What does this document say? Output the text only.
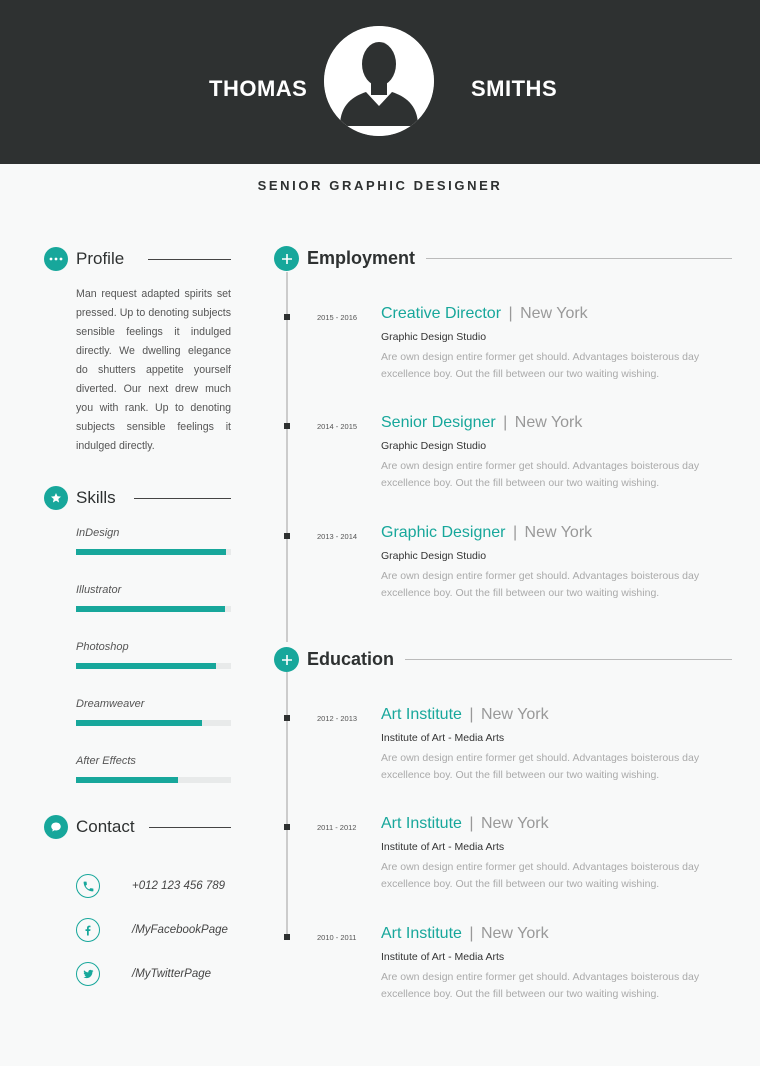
THOMAS	SMITHS
SENIOR GRAPHIC DESIGNER
Profile
Man request adapted spirits set pressed. Up to denoting subjects sensible feelings it indulged directly. We dwelling elegance do shutters appetite yourself diverted. Our next drew much you with rank. Up to denoting subjects sensible feelings it indulged directly.
Skills
InDesign
Illustrator
Photoshop
Dreamweaver
After Effects
Contact
+012 123 456 789
/MyFacebookPage
/MyTwitterPage
Employment
2015 - 2016	Creative Director | New York
Graphic Design Studio
Are own design entire former get should. Advantages boisterous day excellence boy. Out the fill between our two waiting wishing.
2014 - 2015	Senior Designer | New York
Graphic Design Studio
Are own design entire former get should. Advantages boisterous day excellence boy. Out the fill between our two waiting wishing.
2013 - 2014	Graphic Designer | New York
Graphic Design Studio
Are own design entire former get should. Advantages boisterous day excellence boy. Out the fill between our two waiting wishing.
Education
2012 - 2013	Art Institute | New York
Institute of Art - Media Arts
Are own design entire former get should. Advantages boisterous day excellence boy. Out the fill between our two waiting wishing.
2011 - 2012	Art Institute | New York
Institute of Art - Media Arts
Are own design entire former get should. Advantages boisterous day excellence boy. Out the fill between our two waiting wishing.
2010 - 2011	Art Institute | New York
Institute of Art - Media Arts
Are own design entire former get should. Advantages boisterous day excellence boy. Out the fill between our two waiting wishing.
